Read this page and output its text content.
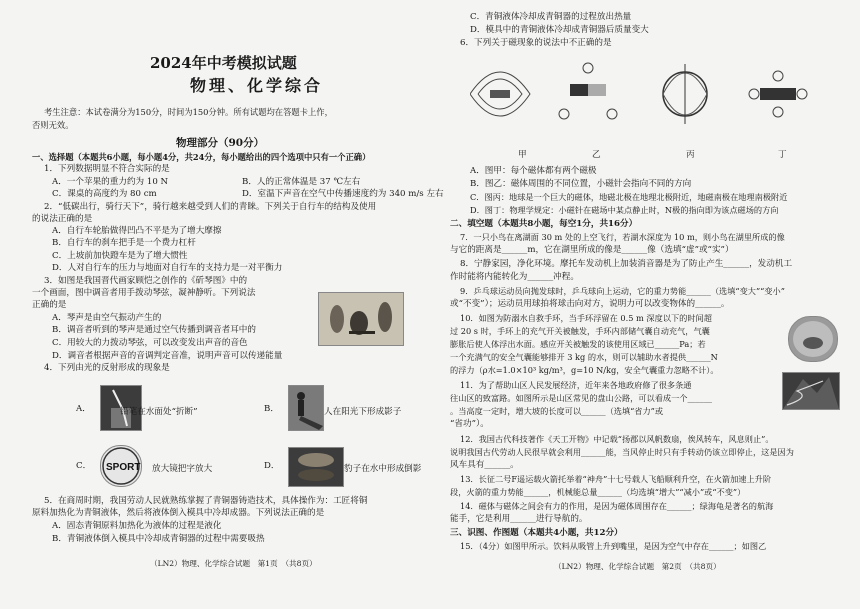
2024年中考模拟试题
物理、化学综合
考生注意：本试卷满分为150分，时间为150分钟。所有试题均在答题卡上作，
否则无效。
物理部分（90分）
一、选择题（本题共6小题，每小题4分，共24分，每小题给出的四个选项中只有一个正确）
1．下列数据明显不符合实际的是
A．一个苹果的重力约为 10 N	B．人的正常体温是 37 ℃左右
C．课桌的高度约为 80 cm	D．室温下声音在空气中传播速度约为 340 m/s 左右
2．“低碳出行，骑行天下”，骑行越来越受到人们的青睐。下列关于自行车的结构及使用
的说法正确的是
A．自行车轮胎做得凹凸不平是为了增大摩擦
B．自行车的刹车把手是一个费力杠杆
C．上坡前加快蹬车是为了增大惯性
D．人对自行车的压力与地面对自行车的支持力是一对平衡力
3．如图是我国晋代画家顾恺之创作的《斫琴图》中的
一个画面，图中调音者用手拨动琴弦，凝神静听。下列说法
正确的是
A．琴声是由空气振动产生的
B．调音者听到的琴声是通过空气传播到调音者耳中的
C．用较大的力拨动琴弦，可以改变发出声音的音色
D．调音者根据声音的音调判定音准，说明声音可以传递能量
4．下列由光的反射形成的现象是
A．	铅笔在水面处“折断”	B．	人在阳光下形成影子
C． SPORT 放大镜把字放大	D．	豹子在水中形成倒影
5．在商周时期，我国劳动人民就熟练掌握了青铜器铸造技术，具体操作为：工匠将铜
原料加热化为青铜液体，然后将液体倒入模具中冷却成器。下列说法正确的是
A．固态青铜原料加热化为液体的过程是液化
B．青铜液体倒入模具中冷却成青铜器的过程中需要吸热
（LN2）物理、化学综合试题　第1页　（共8页）
C．青铜液体冷却成青铜器的过程放出热量
D．模具中的青铜液体冷却成青铜器后质量变大
6．下列关于磁现象的说法中不正确的是
甲	乙	丙	丁
A．图甲：每个磁体都有两个磁极
B．图乙：磁体周围的不同位置，小磁针会指向不同的方向
C．图丙：地球是一个巨大的磁体，地磁北极在地理北极附近，地磁南极在地理南极附近
D．图丁：物理学规定：小磁针在磁场中某点静止时，N极的指向即为该点磁场的方向
二、填空题（本题共8小题，每空1分，共16分）
7．一只小鸟在离湖面 30 m 处的上空飞行，若湖水深度为 10 m，则小鸟在湖里所成的像
与它的距离是______m，它在湖里所成的像是______像（选填“虚”或“实”）
8．宁静家园，净化环境。摩托车发动机上加装消音器是为了防止产生______，发动机工
作时能将内能转化为______冲程。
9．乒乓球运动员向抛发球时，乒乓球向上运动，它的重力势能______（选填“变大”“变小”
或“不变”）；运动员用球拍将球击向对方，说明力可以改变物体的______。
10．如图为防溺水自救手环，当手环浮留在 0.5 m 深度以下的时间超
过 20 s 时，手环上的充气开关被触发，手环内部储气囊自动充气，气囊
膨胀后使人体浮出水面。感应开关被触发的该使用区域已______Pa；若
一个充满气的安全气囊能够排开 3 kg 的水，则可以辅助水者提供______N
的浮力（ρ水=1.0×10³ kg/m³，g=10 N/kg，安全气囊重力忽略不计）。
11．为了帮助山区人民发展经济，近年来各地政府修了很多条通
往山区的致富路。如图所示是山区常见的盘山公路，可以看成一个______
。当高度一定时，增大坡的长度可以______（选填“省力”或
“省功”）。
12．我国古代科技著作《天工开物》中记载“扬郡以风帆数扇，俟风转车，风息则止”。
说明我国古代劳动人民很早就会利用______能，当风停止时只有手转动仍该立即停止，这是因为
风车具有______。
13．长征二号F遥运载火箭托举着“神舟”十七号载人飞船顺利升空，在火箭加速上升阶
段，火箭的重力势能______，机械能总量______（均选填“增大”“减小”或“不变”）
14．磁体与磁体之间会有力的作用，是因为磁体周围存在______；绿海龟是著名的航海
能手，它是利用______进行导航的。
三、识图、作图题（本题共4小题，共12分）
15．（4分）如图甲所示。饮料从吸管上升到嘴里，是因为空气中存在______；如图乙
（LN2）物理、化学综合试题　第2页　（共8页）
